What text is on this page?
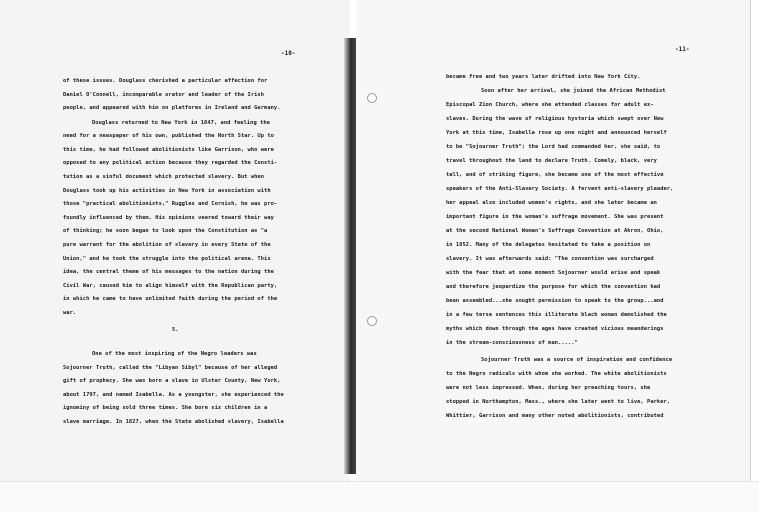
-10-
-11-
of these issues. Douglass cherished a particular affection for
Daniel O'Connell, incomparable orator and leader of the Irish
people, and appeared with him on platforms in Ireland and Germany.
Douglass returned to New York in 1847, and feeling the
need for a newspaper of his own, published the North Star. Up to
this time, he had followed abolitionists like Garrison, who were
opposed to any political action because they regarded the Consti-
tution as a sinful document which protected slavery. But when
Douglass took up his activities in New York in association with
those "practical abolitionists," Ruggles and Cornish, he was pro-
foundly influenced by them. His opinions veered toward their way
of thinking; he soon began to look upon the Constitution as "a
pure warrant for the abolition of slavery in every State of the
Union," and he took the struggle into the political arena. This
idea, the central theme of his messages to the nation during the
Civil War, caused him to align himself with the Republican party,
in which he came to have unlimited faith during the period of the
war.
5.
One of the most inspiring of the Negro leaders was
Sojourner Truth, called the "Libyan Sibyl" because of her alleged
gift of prophecy. She was born a slave in Ulster County, New York,
about 1797, and named Isabella. As a youngster, she experienced the
ignominy of being sold three times. She bore six children in a
slave marriage. In 1827, when the State abolished slavery, Isabella
became free and two years later drifted into New York City.
Soon after her arrival, she joined the African Methodist
Episcopal Zion Church, where she attended classes for adult ex-
slaves. During the wave of religious hysteria which swept over New
York at this time, Isabella rose up one night and announced herself
to be "Sojourner Truth"; the Lord had commanded her, she said, to
travel throughout the land to declare Truth. Comely, black, very
tall, and of striking figure, she became one of the most effective
speakers of the Anti-Slavery Society. A fervent anti-slavery pleader,
her appeal also included women's rights, and she later became an
important figure in the woman's suffrage movement. She was present
at the second National Woman's Suffrage Convention at Akron, Ohio,
in 1852. Many of the delegates hesitated to take a position on
slavery. It was afterwards said: "The convention was surcharged
with the fear that at some moment Sojourner would arise and speak
and therefore jeopardize the purpose for which the convention had
been assembled...she sought permission to speak to the group...and
in a few terse sentences this illiterate black woman demolished the
myths which down through the ages have created vicious meanderings
in the stream-consciousness of man....."
Sojourner Truth was a source of inspiration and confidence
to the Negro radicals with whom she worked. The white abolitionists
were not less impressed. When, during her preaching tours, she
stopped in Northampton, Mass., where she later went to live, Parker,
Whittier, Garrison and many other noted abolitionists, contributed
